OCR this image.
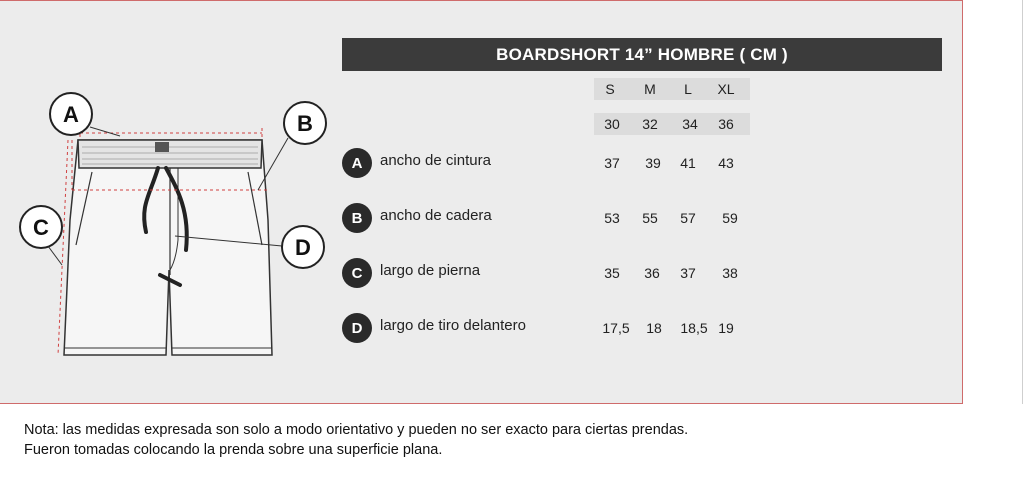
A	B
C
D
BOARDSHORT 14” HOMBRE ( CM )
S	M	L	XL
30	32	34	36
A	ancho de cintura	37	39	41	43
B	ancho de cadera	53	55	57	59
C	largo de pierna	35	36	37	38
D	largo de tiro delantero	17,5	18	18,5 19
Nota: las medidas expresada son solo a modo orientativo y pueden no ser exacto para ciertas prendas.
Fueron tomadas colocando la prenda sobre una superficie plana.
